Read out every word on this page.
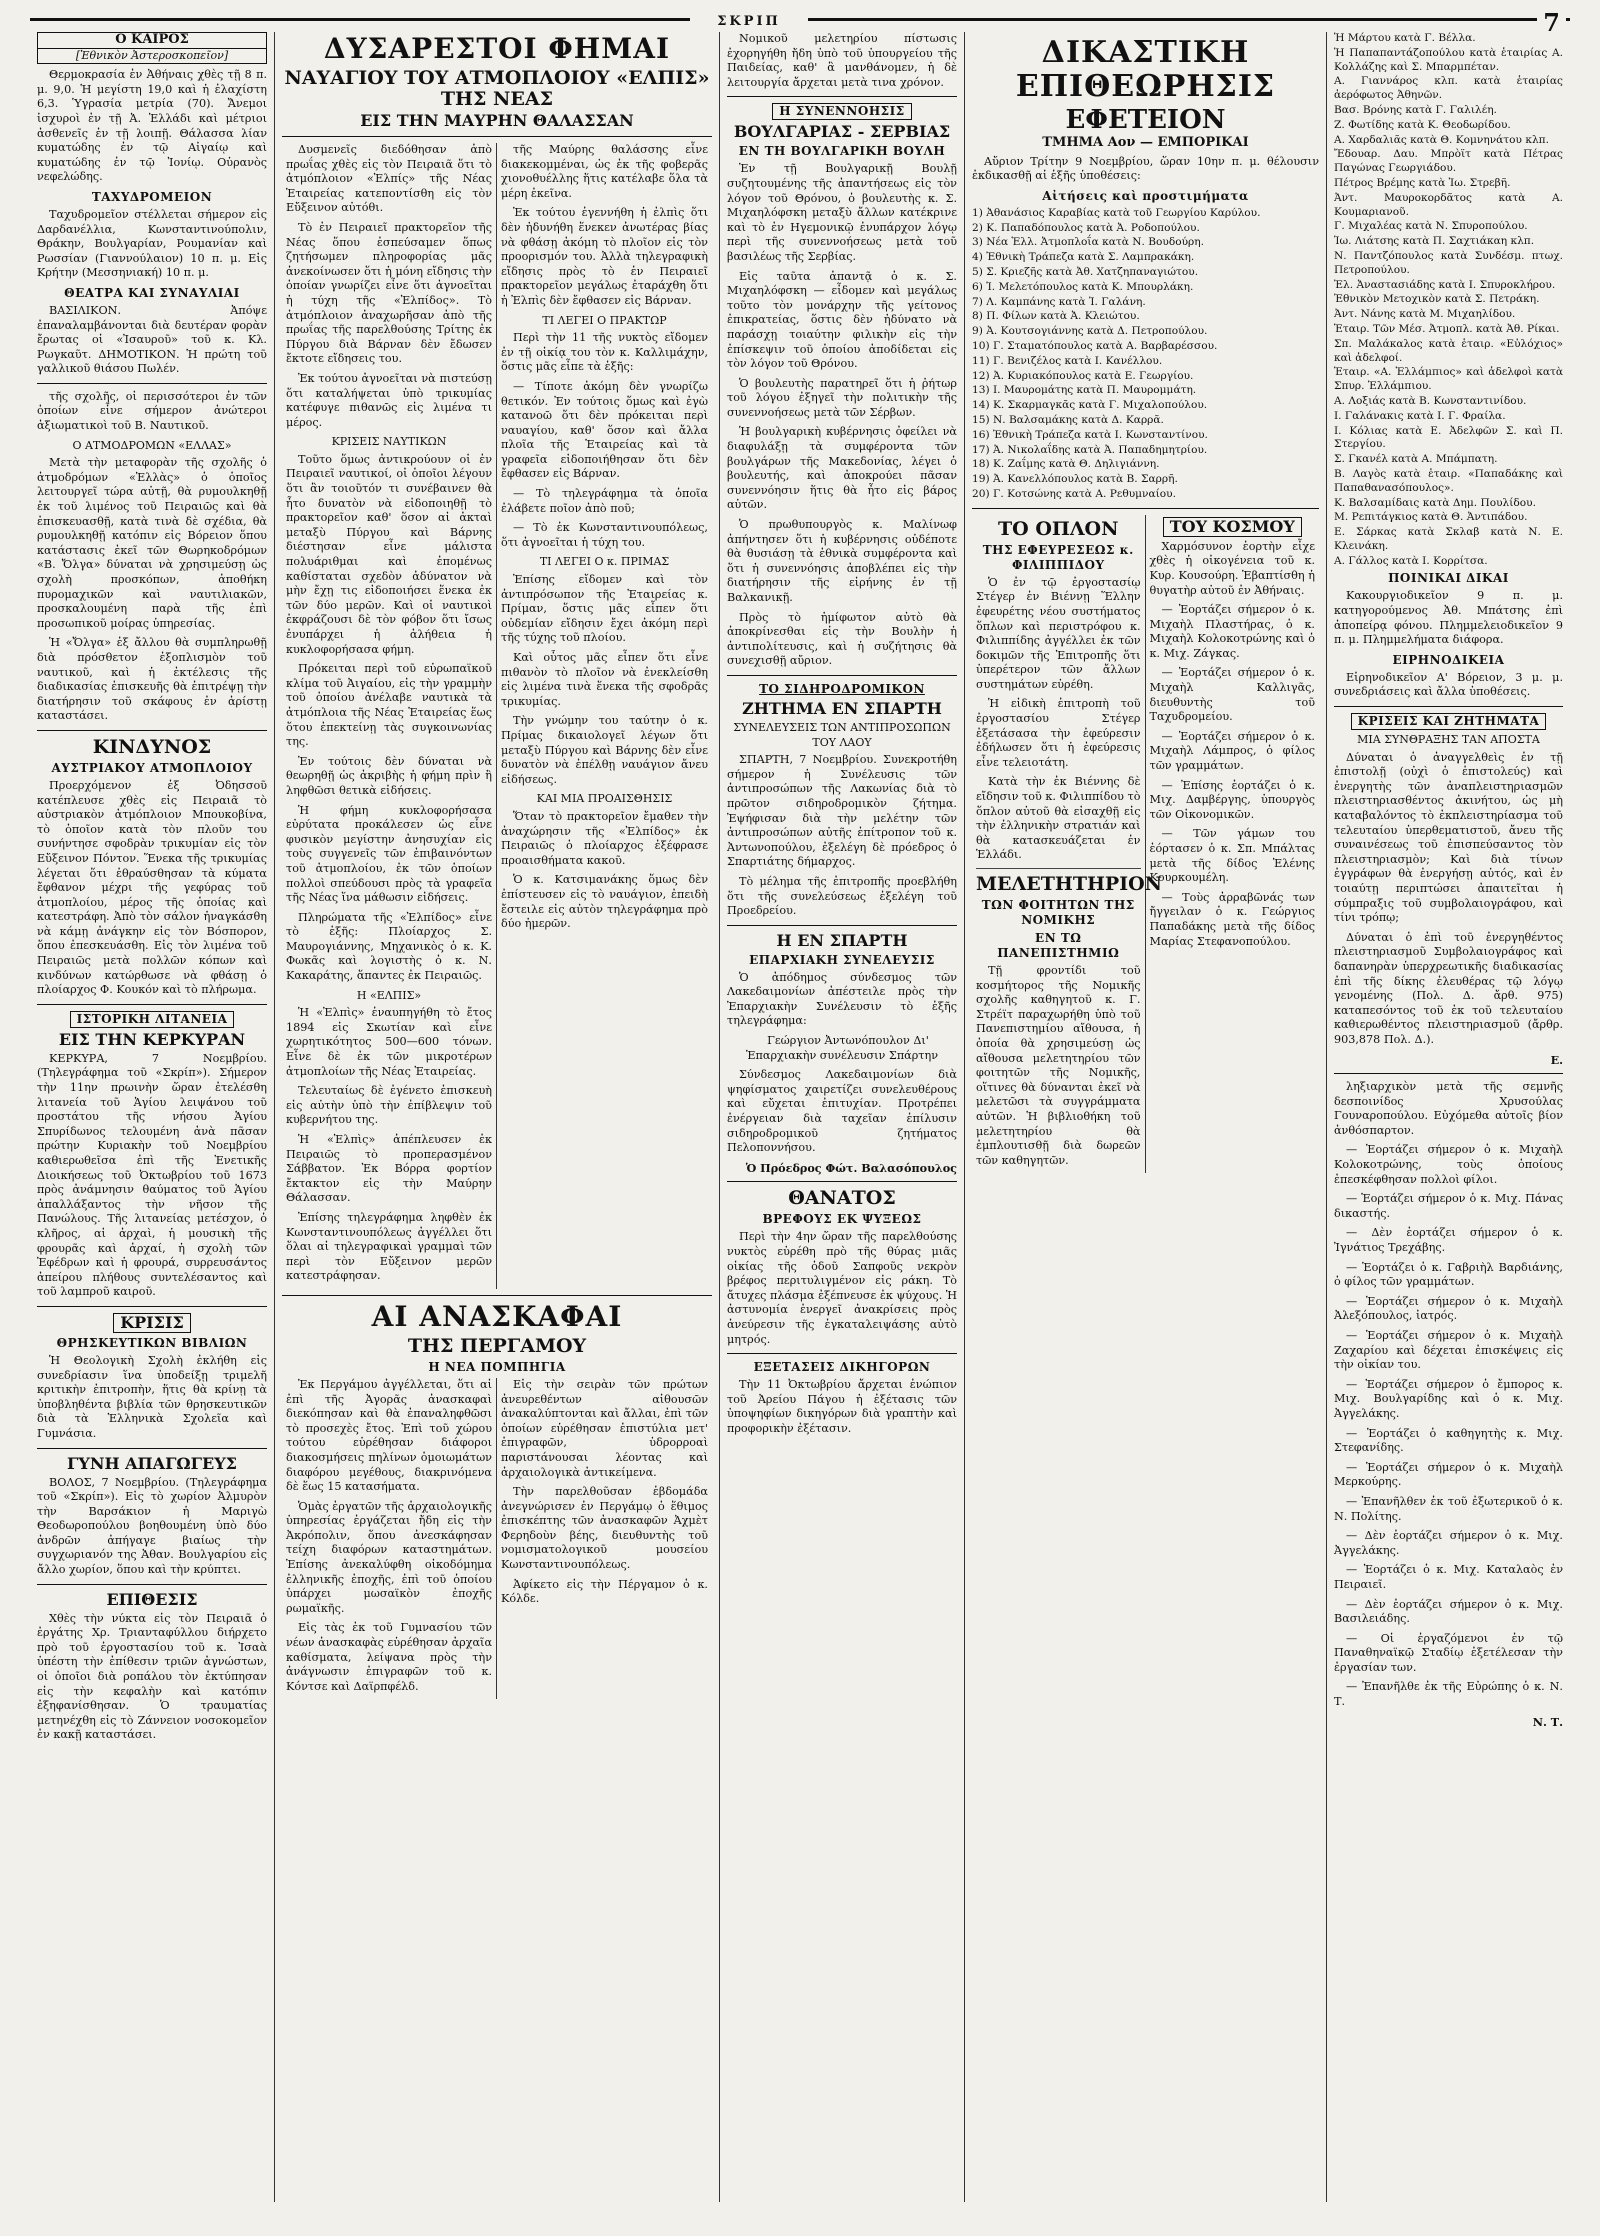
ΣΚΡΙΠ	7
Ο ΚΑΙΡΟΣ
[Ἐθνικὸν Ἀστεροσκοπεῖον]

Θερμοκρασία ἐν Ἀθήναις χθὲς τῇ 8 π. μ. 9,0. Ἡ μεγίστη 19,0 καὶ ἡ ἐλαχίστη 6,3. Ὑγρασία μετρία (70). Ἄνεμοι ἰσχυροὶ ἐν τῇ Ἀ. Ἑλλάδι καὶ μέτριοι ἀσθενεῖς ἐν τῇ λοιπῇ. Θάλασσα λίαν κυματώδης ἐν τῷ Αἰγαίῳ καὶ κυματώδης ἐν τῷ Ἰονίῳ. Οὐρανὸς νεφελώδης.

ΤΑΧΥΔΡΟΜΕΙΟΝ

Ταχυδρομεῖον στέλλεται σήμερον εἰς Δαρδανέλλια, Κωνσταντινούπολιν, Θράκην, Βουλγαρίαν, Ρουμανίαν καὶ Ρωσσίαν (Γιαννούλαιον) 10 π. μ. Εἰς Κρήτην (Μεσσηνιακή) 10 π. μ.

ΘΕΑΤΡΑ ΚΑΙ ΣΥΝΑΥΛΙΑΙ

ΒΑΣΙΛΙΚΟΝ. Ἀπόψε ἐπαναλαμβάνονται διὰ δευτέραν φορὰν ἔρωτας οἱ «Ἰσαυροῦ» τοῦ κ. Κλ. Ρωγκαῦτ. ΔΗΜΟΤΙΚΟΝ. Ἡ πρώτη τοῦ γαλλικοῦ θιάσου Πωλέν.

τῆς σχολῆς, οἱ περισσότεροι ἐν τῶν ὁποίων εἶνε σήμερον ἀνώτεροι ἀξιωματικοὶ τοῦ Β. Ναυτικοῦ.

Ο ΑΤΜΟΔΡΟΜΩΝ «ΕΛΛΑΣ»

Μετὰ τὴν μεταφορὰν τῆς σχολῆς ὁ ἀτμοδρόμων «Ἑλλὰς» ὁ ὁποῖος λειτουργεῖ τώρα αὐτῇ, θὰ ρυμουλκηθῇ ἐκ τοῦ λιμένος τοῦ Πειραιῶς καὶ θὰ ἐπισκευασθῇ, κατὰ τινὰ δὲ σχέδια, θὰ ρυμουλκηθῇ κατόπιν εἰς Βόρειον ὅπου κατάστασις ἐκεῖ τῶν Θωρηκοδρόμων «Β. Ὄλγα» δύναται νὰ χρησιμεύσῃ ὡς σχολὴ προσκόπων, ἀποθήκη πυρομαχικῶν καὶ ναυτιλιακῶν, προσκαλουμένη παρὰ τῆς ἐπὶ προσωπικοῦ μοίρας ὑπηρεσίας.

Ἡ «Ὄλγα» ἐξ ἄλλου θὰ συμπληρωθῇ διὰ πρόσθετον ἐξοπλισμὸν τοῦ ναυτικοῦ, καὶ ἡ ἐκτέλεσις τῆς διαδικασίας ἐπισκευῆς θὰ ἐπιτρέψῃ τὴν διατήρησιν τοῦ σκάφους ἐν ἀρίστῃ καταστάσει.

ΚΙΝΔΥΝΟΣ
ΑΥΣΤΡΙΑΚΟΥ ΑΤΜΟΠΛΟΙΟΥ

Προερχόμενον ἐξ Ὀδησσοῦ κατέπλευσε χθὲς εἰς Πειραιᾶ τὸ αὐστριακὸν ἀτμόπλοιον Μπουκοβίνα, τὸ ὁποῖον κατὰ τὸν πλοῦν του συνήντησε σφοδρὰν τρικυμίαν εἰς τὸν Εὔξεινον Πόντον. Ἕνεκα τῆς τρικυμίας λέγεται ὅτι ἐθραύσθησαν τὰ κύματα ἔφθανον μέχρι τῆς γεφύρας τοῦ ἀτμοπλοίου, μέρος τῆς ὁποίας καὶ κατεστράφη. Ἀπὸ τὸν σάλον ἠναγκάσθη νὰ κάμῃ ἀνάγκην εἰς τὸν Βόσπορον, ὅπου ἐπεσκευάσθη. Εἰς τὸν λιμένα τοῦ Πειραιῶς μετὰ πολλῶν κόπων καὶ κινδύνων κατώρθωσε νὰ φθάσῃ ὁ πλοίαρχος Φ. Κουκόν καὶ τὸ πλήρωμα.

ΙΣΤΟΡΙΚΗ ΛΙΤΑΝΕΙΑ
ΕΙΣ ΤΗΝ ΚΕΡΚΥΡΑΝ

ΚΕΡΚΥΡΑ, 7 Νοεμβρίου. (Τηλεγράφημα τοῦ «Σκρίπ»). Σήμερον τὴν 11ην πρωινὴν ὥραν ἐτελέσθη λιτανεία τοῦ Ἁγίου λειψάνου τοῦ προστάτου τῆς νήσου Ἁγίου Σπυρίδωνος τελουμένη ἀνὰ πᾶσαν πρώτην Κυριακὴν τοῦ Νοεμβρίου καθιερωθεῖσα ἐπὶ τῆς Ἑνετικῆς Διοικήσεως τοῦ Ὀκτωβρίου τοῦ 1673 πρὸς ἀνάμνησιν θαύματος τοῦ Ἁγίου ἀπαλλάξαντος τὴν νῆσον τῆς Πανώλους. Τῆς λιτανείας μετέσχον, ὁ κλῆρος, αἱ ἀρχαὶ, ἡ μουσικὴ τῆς φρουρᾶς καὶ ἀρχαί, ἡ σχολὴ τῶν Ἐφέδρων καὶ ἡ φρουρά, συρρευσάντος ἀπείρου πλήθους συντελέσαντος καὶ τοῦ λαμπροῦ καιροῦ.

ΚΡΙΣΙΣ
ΘΡΗΣΚΕΥΤΙΚΩΝ ΒΙΒΛΙΩΝ

Ἡ Θεολογικὴ Σχολὴ ἐκλήθη εἰς συνεδρίασιν ἵνα ὑποδείξῃ τριμελῆ κριτικὴν ἐπιτροπὴν, ἥτις θὰ κρίνῃ τὰ ὑποβληθέντα βιβλία τῶν θρησκευτικῶν διὰ τὰ Ἑλληνικὰ Σχολεῖα καὶ Γυμνάσια.

ΓΥΝΗ ΑΠΑΓΩΓΕΥΣ

ΒΟΛΟΣ, 7 Νοεμβρίου. (Τηλεγράφημα τοῦ «Σκρίπ»). Εἰς τὸ χωρίον Ἀλμυρὸν τὴν Βαρσάκιον ἡ Μαριγὼ Θεοδωροπούλου βοηθουμένη ὑπὸ δύο ἀνδρῶν ἀπήγαγε βιαίως τὴν συγχωριανόν της Ἀθαν. Βουλγαρίου εἰς ἄλλο χωρίον, ὅπου καὶ τὴν κρύπτει.

ΕΠΙΘΕΣΙΣ

Χθὲς τὴν νύκτα εἰς τὸν Πειραιᾶ ὁ ἐργάτης Χρ. Τριανταφύλλου διήρχετο πρὸ τοῦ ἐργοστασίου τοῦ κ. Ἰσαὰ ὑπέστη τὴν ἐπίθεσιν τριῶν ἀγνώστων, οἱ ὁποῖοι διὰ ροπάλου τὸν ἐκτύπησαν εἰς τὴν κεφαλὴν καὶ κατόπιν ἐξηφανίσθησαν. Ὁ τραυματίας μετηνέχθη εἰς τὸ Ζάννειον νοσοκομεῖον ἐν κακῇ καταστάσει.

ΔΥΣΑΡΕΣΤΟΙ ΦΗΜΑΙ
ΝΑΥΑΓΙΟΥ ΤΟΥ ΑΤΜΟΠΛΟΙΟΥ «ΕΛΠΙΣ» ΤΗΣ ΝΕΑΣ
ΕΙΣ ΤΗΝ ΜΑΥΡΗΝ ΘΑΛΑΣΣΑΝ

Δυσμενεῖς διεδόθησαν ἀπὸ πρωΐας χθὲς εἰς τὸν Πειραιᾶ ὅτι τὸ ἀτμόπλοιον «Ἐλπίς» τῆς Νέας Ἑταιρείας κατεποντίσθη εἰς τὸν Εὔξεινον αὐτόθι.

Τὸ ἐν Πειραιεῖ πρακτορεῖον τῆς Νέας ὅπου ἐσπεύσαμεν ὅπως ζητήσωμεν πληροφορίας μᾶς ἀνεκοίνωσεν ὅτι ἡ μόνη εἴδησις τὴν ὁποίαν γνωρίζει εἶνε ὅτι ἀγνοεῖται ἡ τύχη τῆς «Ἐλπίδος». Τὸ ἀτμόπλοιον ἀναχωρῆσαν ἀπὸ τῆς πρωΐας τῆς παρελθούσης Τρίτης ἐκ Πύργου διὰ Βάρναν δὲν ἔδωσεν ἔκτοτε εἴδησεις του.

Ἐκ τούτου ἀγνοεῖται νὰ πιστεύσῃ ὅτι καταλήψεται ὑπὸ τρικυμίας κατέφυγε πιθανῶς εἰς λιμένα τι μέρος.

ΚΡΙΣΕΙΣ ΝΑΥΤΙΚΩΝ

Τοῦτο ὅμως ἀντικρούουν οἱ ἐν Πειραιεῖ ναυτικοί, οἱ ὁποῖοι λέγουν ὅτι ἂν τοιοῦτόν τι συνέβαινεν θὰ ἦτο δυνατὸν νὰ εἰδοποιηθῇ τὸ πρακτορεῖον καθ' ὅσον αἱ ἀκταὶ μεταξὺ Πύργου καὶ Βάρνης διέστησαν εἶνε μάλιστα πολυάριθμαι καὶ ἐπομένως καθίσταται σχεδὸν ἀδύνατον νὰ μὴν ἔχῃ τις εἰδοποιήσει ἕνεκα ἐκ τῶν δύο μερῶν. Καὶ οἱ ναυτικοὶ ἐκφράζουσι δὲ τὸν φόβον ὅτι ἴσως ἐνυπάρχει ἡ ἀλήθεια ἡ κυκλοφορήσασα φήμη.

Πρόκειται περὶ τοῦ εὐρωπαϊκοῦ κλίμα τοῦ Ἀιγαίου, εἰς τὴν γραμμὴν τοῦ ὁποίου ἀνέλαβε ναυτικὰ τὰ ἀτμόπλοια τῆς Νέας Ἑταιρείας ἕως ὅτου ἐπεκτείνῃ τὰς συγκοινωνίας της.

Ἐν τούτοις δὲν δύναται νὰ θεωρηθῇ ὡς ἀκριβὴς ἡ φήμη πρὶν ἢ ληφθῶσι θετικὰ εἰδήσεις.

Ἡ φήμη κυκλοφορήσασα εὐρύτατα προκάλεσεν ὡς εἶνε φυσικὸν μεγίστην ἀνησυχίαν εἰς τοὺς συγγενεῖς τῶν ἐπιβαινόντων τοῦ ἀτμοπλοίου, ἐκ τῶν ὁποίων πολλοὶ σπεύδουσι πρὸς τὰ γραφεῖα τῆς Νέας ἵνα μάθωσιν εἰδήσεις.

Πληρώματα τῆς «Ἐλπίδος» εἶνε τὸ ἑξῆς: Πλοίαρχος Σ. Μαυρογιάννης, Μηχανικὸς ὁ κ. Κ. Φωκᾶς καὶ λογιστὴς ὁ κ. Ν. Κακαράτης, ἅπαντες ἐκ Πειραιῶς.

Η «ΕΛΠΙΣ»

Ἡ «Ἐλπὶς» ἐναυπηγήθη τὸ ἔτος 1894 εἰς Σκωτίαν καὶ εἶνε χωρητικότητος 500—600 τόνων. Εἶνε δὲ ἐκ τῶν μικροτέρων ἀτμοπλοίων τῆς Νέας Ἑταιρείας.

Τελευταίως δὲ ἐγένετο ἐπισκευὴ εἰς αὐτὴν ὑπὸ τὴν ἐπίβλεψιν τοῦ κυβερνήτου της.

Ἡ «Ἐλπὶς» ἀπέπλευσεν ἐκ Πειραιῶς τὸ προπερασμένον Σάββατον. Ἐκ Βόρρα φορτίον ἔκτακτον εἰς τὴν Μαύρην Θάλασσαν.

Ἐπίσης τηλεγράφημα ληφθὲν ἐκ Κωνσταντινουπόλεως ἀγγέλλει ὅτι ὅλαι αἱ τηλεγραφικαὶ γραμμαὶ τῶν περὶ τὸν Εὔξεινον μερῶν κατεστράφησαν.

τῆς Μαύρης θαλάσσης εἶνε διακεκομμέναι, ὡς ἐκ τῆς φοβερᾶς χιονοθυέλλης ἥτις κατέλαβε ὅλα τὰ μέρη ἐκεῖνα.

Ἐκ τούτου ἐγεννήθη ἡ ἐλπὶς ὅτι δὲν ἠδυνήθη ἕνεκεν ἀνωτέρας βίας νὰ φθάσῃ ἀκόμη τὸ πλοῖον εἰς τὸν προορισμόν του. Ἀλλὰ τηλεγραφικὴ εἴδησις πρὸς τὸ ἐν Πειραιεῖ πρακτορεῖον μεγάλως ἐταράχθη ὅτι ἡ Ἐλπὶς δὲν ἔφθασεν εἰς Βάρναν.

ΤΙ ΛΕΓΕΙ Ο ΠΡΑΚΤΩΡ

Περὶ τὴν 11 τῆς νυκτὸς εἴδομεν ἐν τῇ οἰκίᾳ του τὸν κ. Καλλιμάχην, ὅστις μᾶς εἶπε τὰ ἑξῆς:

— Τίποτε ἀκόμη δὲν γνωρίζω θετικόν. Ἐν τούτοις ὅμως καὶ ἐγὼ κατανοῶ ὅτι δὲν πρόκειται περὶ ναυαγίου, καθ' ὅσον καὶ ἄλλα πλοῖα τῆς Ἑταιρείας καὶ τὰ γραφεῖα εἰδοποιήθησαν ὅτι δὲν ἔφθασεν εἰς Βάρναν.

— Τὸ τηλεγράφημα τὰ ὁποῖα ἐλάβετε ποῖον ἀπὸ ποῦ;

— Τὸ ἐκ Κωνσταντινουπόλεως, ὅτι ἀγνοεῖται ἡ τύχη του.

ΤΙ ΛΕΓΕΙ Ο κ. ΠΡΙΜΑΣ

Ἐπίσης εἴδομεν καὶ τὸν ἀντιπρόσωπον τῆς Ἑταιρείας κ. Πρίμαν, ὅστις μᾶς εἶπεν ὅτι οὐδεμίαν εἴδησιν ἔχει ἀκόμη περὶ τῆς τύχης τοῦ πλοίου.

Καὶ οὗτος μᾶς εἶπεν ὅτι εἶνε πιθανὸν τὸ πλοῖον νὰ ἐνεκλείσθη εἰς λιμένα τινὰ ἕνεκα τῆς σφοδρᾶς τρικυμίας.

Τὴν γνώμην του ταύτην ὁ κ. Πρίμας δικαιολογεῖ λέγων ὅτι μεταξὺ Πύργου καὶ Βάρνης δὲν εἶνε δυνατὸν νὰ ἐπέλθῃ ναυάγιον ἄνευ εἰδήσεως.

ΚΑΙ ΜΙΑ ΠΡΟΑΙΣΘΗΣΙΣ

Ὅταν τὸ πρακτορεῖον ἔμαθεν τὴν ἀναχώρησιν τῆς «Ἐλπίδος» ἐκ Πειραιῶς ὁ πλοίαρχος ἐξέφρασε προαισθήματα κακοῦ.

Ὁ κ. Κατσιμανάκης ὅμως δὲν ἐπίστευσεν εἰς τὸ ναυάγιον, ἐπειδὴ ἔστειλε εἰς αὐτὸν τηλεγράφημα πρὸ δύο ἡμερῶν.

ΑΙ ΑΝΑΣΚΑΦΑΙ
ΤΗΣ ΠΕΡΓΑΜΟΥ
Η ΝΕΑ ΠΟΜΠΗΓΙΑ

Ἐκ Περγάμου ἀγγέλλεται, ὅτι αἱ ἐπὶ τῆς Ἀγορᾶς ἀνασκαφαὶ διεκόπησαν καὶ θὰ ἐπαναληφθῶσι τὸ προσεχὲς ἔτος. Ἐπὶ τοῦ χώρου τούτου εὑρέθησαν διάφοροι διακοσμήσεις πηλίνων ὁμοιωμάτων διαφόρου μεγέθους, διακρινόμενα δὲ ἕως 15 κατασήματα.

Ὁμὰς ἐργατῶν τῆς ἀρχαιολογικῆς ὑπηρεσίας ἐργάζεται ἤδη εἰς τὴν Ἀκρόπολιν, ὅπου ἀνεσκάφησαν τείχη διαφόρων καταστημάτων. Ἐπίσης ἀνεκαλύφθη οἰκοδόμημα ἑλληνικῆς ἐποχῆς, ἐπὶ τοῦ ὁποίου ὑπάρχει μωσαϊκὸν ἐποχῆς ρωμαϊκῆς.

Εἰς τὰς ἐκ τοῦ Γυμνασίου τῶν νέων ἀνασκαφὰς εὑρέθησαν ἀρχαῖα καθίσματα, λείψανα πρὸς τὴν ἀνάγνωσιν ἐπιγραφῶν τοῦ κ. Κόντσε καὶ Δαϊρπφέλδ.

Εἰς τὴν σειρὰν τῶν πρώτων ἀνευρεθέντων αἰθουσῶν ἀνακαλύπτονται καὶ ἄλλαι, ἐπὶ τῶν ὁποίων εὑρέθησαν ἐπιστύλια μετ' ἐπιγραφῶν, ὑδρορροαὶ παριστάνουσαι λέοντας καὶ ἀρχαιολογικὰ ἀντικείμενα.

Τὴν παρελθοῦσαν ἑβδομάδα ἀνεγνώρισεν ἐν Περγάμῳ ὁ ἕθιμος ἐπισκέπτης τῶν ἀνασκαφῶν Ἀχμὲτ Φερηδοὺν βέης, διευθυντὴς τοῦ νομισματολογικοῦ μουσείου Κωνσταντινουπόλεως.

Ἀφίκετο εἰς τὴν Πέργαμον ὁ κ. Κόλδε.

Νομικοῦ μελετηρίου πίστωσις ἐχορηγήθη ἤδη ὑπὸ τοῦ ὑπουργείου τῆς Παιδείας, καθ' ἃ μανθάνομεν, ἡ δὲ λειτουργία ἄρχεται μετὰ τινα χρόνον.

Η ΣΥΝΕΝΝΟΗΣΙΣ
ΒΟΥΛΓΑΡΙΑΣ - ΣΕΡΒΙΑΣ
ΕΝ ΤΗ ΒΟΥΛΓΑΡΙΚΗ ΒΟΥΛΗ

Ἐν τῇ Βουλγαρικῇ Βουλῇ συζητουμένης τῆς ἀπαντήσεως εἰς τὸν λόγον τοῦ Θρόνου, ὁ βουλευτὴς κ. Σ. Μιχαηλόφσκη μεταξὺ ἄλλων κατέκρινε καὶ τὸ ἐν Ηγεμονικῷ ἐνυπάρχον λόγῳ περὶ τῆς συνεννοήσεως μετὰ τοῦ βασιλέως τῆς Σερβίας.

Εἰς ταῦτα ἀπαντᾷ ὁ κ. Σ. Μιχαηλόφσκη — εἶδομεν καὶ μεγάλως τοῦτο τὸν μονάρχην τῆς γείτονος ἐπικρατείας, ὅστις δὲν ἠδύνατο νὰ παράσχῃ τοιαύτην φιλικὴν εἰς τὴν ἐπίσκεψιν τοῦ ὁποίου ἀποδίδεται εἰς τὸν λόγον τοῦ Θρόνου.

Ὁ βουλευτὴς παρατηρεῖ ὅτι ἡ ῥήτωρ τοῦ λόγου ἐξηγεῖ τὴν πολιτικὴν τῆς συνεννοήσεως μετὰ τῶν Σέρβων.

Ἡ βουλγαρικὴ κυβέρνησις ὀφείλει νὰ διαφυλάξῃ τὰ συμφέροντα τῶν βουλγάρων τῆς Μακεδονίας, λέγει ὁ βουλευτής, καὶ ἀποκρούει πᾶσαν συνεννόησιν ἥτις θὰ ἦτο εἰς βάρος αὐτῶν.

Ὁ πρωθυπουργὸς κ. Μαλίνωφ ἀπήντησεν ὅτι ἡ κυβέρνησις οὐδέποτε θὰ θυσιάσῃ τὰ ἐθνικὰ συμφέροντα καὶ ὅτι ἡ συνεννόησις ἀποβλέπει εἰς τὴν διατήρησιν τῆς εἰρήνης ἐν τῇ Βαλκανικῇ.

Πρὸς τὸ ἡμίφωτον αὐτὸ θὰ ἀποκρίνεσθαι εἰς τὴν Βουλὴν ἡ ἀντιπολίτευσις, καὶ ἡ συζήτησις θὰ συνεχισθῇ αὔριον.

ΤΟ ΣΙΔΗΡΟΔΡΟΜΙΚΟΝ
ΖΗΤΗΜΑ ΕΝ ΣΠΑΡΤΗ
ΣΥΝΕΛΕΥΣΕΙΣ ΤΩΝ ΑΝΤΙΠΡΟΣΩΠΩΝ ΤΟΥ ΛΑΟΥ

ΣΠΑΡΤΗ, 7 Νοεμβρίου. Συνεκροτήθη σήμερον ἡ Συνέλευσις τῶν ἀντιπροσώπων τῆς Λακωνίας διὰ τὸ πρῶτον σιδηροδρομικὸν ζήτημα. Ἐψήφισαν διὰ τὴν μελέτην τῶν ἀντιπροσώπων αὐτῆς ἐπίτροπον τοῦ κ. Ἀντωνοπούλου, ἐξελέγη δὲ πρόεδρος ὁ Σπαρτιάτης δήμαρχος.

Τὸ μέλημα τῆς ἐπιτροπῆς προεβλήθη ὅτι τῆς συνελεύσεως ἐξελέγη τοῦ Προεδρείου.

Η ΕΝ ΣΠΑΡΤΗ
ΕΠΑΡΧΙΑΚΗ ΣΥΝΕΛΕΥΣΙΣ

Ὁ ἀπόδημος σύνδεσμος τῶν Λακεδαιμονίων ἀπέστειλε πρὸς τὴν Ἐπαρχιακὴν Συνέλευσιν τὸ ἑξῆς τηλεγράφημα:

Γεώργιον Ἀντωνόπουλον Δι' Ἐπαρχιακὴν συνέλευσιν Σπάρτην

Σύνδεσμος Λακεδαιμονίων διὰ ψηφίσματος χαιρετίζει συνελευθέρους καὶ εὔχεται ἐπιτυχίαν. Προτρέπει ἐνέργειαν διὰ ταχεῖαν ἐπίλυσιν σιδηροδρομικοῦ ζητήματος Πελοποννήσου.

Ὁ Πρόεδρος Φώτ. Βαλασόπουλος
ΘΑΝΑΤΟΣ
ΒΡΕΦΟΥΣ ΕΚ ΨΥΞΕΩΣ

Περὶ τὴν 4ην ὥραν τῆς παρελθούσης νυκτὸς εὑρέθη πρὸ τῆς θύρας μιᾶς οἰκίας τῆς ὁδοῦ Σαπφοῦς νεκρὸν βρέφος περιτυλιγμένον εἰς ράκη. Τὸ ἄτυχες πλάσμα ἐξέπνευσε ἐκ ψύχους. Ἡ ἀστυνομία ἐνεργεῖ ἀνακρίσεις πρὸς ἀνεύρεσιν τῆς ἐγκαταλειψάσης αὐτὸ μητρός.

ΕΞΕΤΑΣΕΙΣ ΔΙΚΗΓΟΡΩΝ

Τὴν 11 Ὀκτωβρίου ἄρχεται ἐνώπιον τοῦ Ἀρείου Πάγου ἡ ἐξέτασις τῶν ὑποψηφίων δικηγόρων διὰ γραπτὴν καὶ προφορικὴν ἐξέτασιν.

ΔΙΚΑΣΤΙΚΗ ΕΠΙΘΕΩΡΗΣΙΣ
ΕΦΕΤΕΙΟΝ
ΤΜΗΜΑ Αον — ΕΜΠΟΡΙΚΑΙ

Αὔριον Τρίτην 9 Νοεμβρίου, ὥραν 10ην π. μ. θέλουσιν ἐκδικασθῇ αἱ ἑξῆς ὑποθέσεις:

Αἰτήσεις καὶ προστιμήματα
1) Ἀθανάσιος Καραβίας κατὰ τοῦ Γεωργίου Καρύλου.
2) Κ. Παπαδόπουλος κατὰ Ἀ. Ροδοπούλου.
3) Νέα Ἑλλ. Ἀτμοπλοΐα κατὰ Ν. Βουδούρη.
4) Ἐθνικὴ Τράπεζα κατὰ Σ. Λαμπρακάκη.
5) Σ. Κριεζῆς κατὰ Ἀθ. Χατζηπαναγιώτου.
6) Ἰ. Μελετόπουλος κατὰ Κ. Μπουρλάκη.
7) Λ. Καμπάνης κατὰ Ἰ. Γαλάνη.
8) Π. Φίλων κατὰ Ἀ. Κλειώτου.
9) Ἀ. Κουτσογιάννης κατὰ Δ. Πετροπούλου.
10) Γ. Σταματόπουλος κατὰ Α. Βαρβαρέσσου.
11) Γ. Βενιζέλος κατὰ Ι. Κανέλλου.
12) Ἀ. Κυριακόπουλος κατὰ Ε. Γεωργίου.
13) Ι. Μαυρομάτης κατὰ Π. Μαυρομμάτη.
14) Κ. Σκαρμαγκᾶς κατὰ Γ. Μιχαλοπούλου.
15) Ν. Βαλσαμάκης κατὰ Δ. Καρρᾶ.
16) Ἐθνικὴ Τράπεζα κατὰ Ι. Κωνσταντίνου.
17) Ἀ. Νικολαΐδης κατὰ Ἀ. Παπαδημητρίου.
18) Κ. Ζαΐμης κατὰ Θ. Δηλιγιάννη.
19) Ἀ. Κανελλόπουλος κατὰ Β. Σαρρῆ.
20) Γ. Κοτσώνης κατὰ Α. Ρεθυμναίου.
ΤΟ ΟΠΛΟΝ
ΤΗΣ ΕΦΕΥΡΕΣΕΩΣ κ. ΦΙΛΙΠΠΙΔΟΥ

Ὁ ἐν τῷ ἐργοστασίῳ Στέγερ ἐν Βιέννῃ Ἕλλην ἐφευρέτης νέου συστήματος ὅπλων καὶ περιστρόφου κ. Φιλιππίδης ἀγγέλλει ἐκ τῶν δοκιμῶν τῆς Ἐπιτροπῆς ὅτι ὑπερέτερον τῶν ἄλλων συστημάτων εὑρέθη.

Ἡ εἰδικὴ ἐπιτροπὴ τοῦ ἐργοστασίου Στέγερ ἐξετάσασα τὴν ἐφεύρεσιν ἐδήλωσεν ὅτι ἡ ἐφεύρεσις εἶνε τελειοτάτη.

Κατὰ τὴν ἐκ Βιέννης δὲ εἴδησιν τοῦ κ. Φιλιππίδου τὸ ὅπλον αὐτοῦ θὰ εἰσαχθῇ εἰς τὴν ἐλληνικὴν στρατιάν καὶ θὰ κατασκευάζεται ἐν Ἑλλάδι.

ΜΕΛΕΤΗΤΗΡΙΟΝ
ΤΩΝ ΦΟΙΤΗΤΩΝ ΤΗΣ ΝΟΜΙΚΗΣ
ΕΝ ΤΩ ΠΑΝΕΠΙΣΤΗΜΙΩ

Τῇ φροντίδι τοῦ κοσμήτορος τῆς Νομικῆς σχολῆς καθηγητοῦ κ. Γ. Στρέϊτ παραχωρήθη ὑπὸ τοῦ Πανεπιστημίου αἴθουσα, ἡ ὁποία θὰ χρησιμεύσῃ ὡς αἴθουσα μελετητηρίου τῶν φοιτητῶν τῆς Νομικῆς, οἵτινες θὰ δύνανται ἐκεῖ νὰ μελετῶσι τὰ συγγράμματα αὐτῶν. Ἡ βιβλιοθήκη τοῦ μελετητηρίου θὰ ἐμπλουτισθῇ διὰ δωρεῶν τῶν καθηγητῶν.

ΤΟΥ ΚΟΣΜΟΥ

Χαρμόσυνον ἑορτὴν εἶχε χθὲς ἡ οἰκογένεια τοῦ κ. Κυρ. Κουσούρη. Ἐβαπτίσθη ἡ θυγατὴρ αὐτοῦ ἐν Ἀθήναις.

— Ἑορτάζει σήμερον ὁ κ. Μιχαὴλ Πλαστήρας, ὁ κ. Μιχαὴλ Κολοκοτρώνης καὶ ὁ κ. Μιχ. Ζάγκας.

— Ἑορτάζει σήμερον ὁ κ. Μιχαὴλ Καλλιγᾶς, διευθυντὴς τοῦ Ταχυδρομείου.

— Ἑορτάζει σήμερον ὁ κ. Μιχαὴλ Λάμπρος, ὁ φίλος τῶν γραμμάτων.

— Ἐπίσης ἑορτάζει ὁ κ. Μιχ. Δαμβέργης, ὑπουργὸς τῶν Οἰκονομικῶν.

— Τῶν γάμων του ἑόρτασεν ὁ κ. Σπ. Μπάλτας μετὰ τῆς δίδος Ἑλένης Κουρκουμέλη.

— Τοὺς ἀρραβῶνάς των ἤγγειλαν ὁ κ. Γεώργιος Παπαδάκης μετὰ τῆς δίδος Μαρίας Στεφανοπούλου.

Ἡ Μάρτου κατὰ Γ. Βέλλα.
Ἡ Παπαπαντάζοπούλου κατὰ ἑταιρίας Α. Κολλάζης καὶ Σ. Μπαρμπέταν.
Α. Γιαννάρος κλπ. κατὰ ἑταιρίας ἀερόφωτος Ἀθηνῶν.
Βασ. Βρόνης κατὰ Γ. Γαλιλέη.
Ζ. Φωτίδης κατὰ Κ. Θεοδωρίδου.
Α. Χαρδαλιᾶς κατὰ Θ. Κομνηνάτου κλπ.
Ἔδουαρ. Δαυ. Μπρὸϊτ κατὰ Πέτρας Παγώνας Γεωργιάδου.
Πέτρος Βρέμης κατὰ Ἰω. Στρεβῆ.
Ἀντ. Μαυροκορδᾶτος κατὰ Α. Κουμαριανοῦ.
Γ. Μιχαλέας κατὰ Ν. Σπυροπούλου.
Ἰω. Λιάτσης κατὰ Π. Σαχτιάκαη κλπ.
Ν. Παντζόπουλος κατὰ Συνδέσμ. πτωχ. Πετροπούλου.
Ἐλ. Ἀναστασιάδης κατὰ Ι. Σπυροκλήρου.
Ἐθνικὸν Μετοχικὸν κατὰ Σ. Πετράκη.
Ἀντ. Νάνης κατὰ Μ. Μιχαηλίδου.
Ἑταιρ. Τῶν Μέσ. Ἀτμοπλ. κατὰ Ἀθ. Ρίκαι.
Σπ. Μαλάκαλος κατὰ ἑταιρ. «Εὐλόχιος» καὶ ἀδελφοί.
Ἑταιρ. «Α. Ἑλλάμπιος» καὶ ἀδελφοὶ κατὰ Σπυρ. Ἐλλάμπιου.
Α. Λοξιάς κατὰ Β. Κωνσταντινίδου.
Ι. Γαλάνακις κατὰ Ι. Γ. Φραίλα.
Ι. Κόλιας κατὰ Ε. Ἀδελφῶν Σ. καὶ Π. Στεργίου.
Σ. Γκανέλ κατὰ Α. Μπάμπατη.
Β. Λαγὸς κατὰ ἑταιρ. «Παπαδάκης καὶ Παπαθανασόπουλος».
Κ. Βαλσαμίδαις κατὰ Δημ. Πουλίδου.
Μ. Ρεπιτάγκιος κατὰ Θ. Ἀντιπάδου.
Ε. Σάρκας κατὰ Σκλαβ κατὰ Ν. Ε. Κλεινάκη.
Α. Γάλλος κατὰ Ι. Κορρίτσα.
ΠΟΙΝΙΚΑΙ ΔΙΚΑΙ

Κακουργιοδικεῖον 9 π. μ. κατηγορούμενος Ἀθ. Μπάτσης ἐπὶ ἀποπείρᾳ φόνου. Πλημμελειοδικεῖον 9 π. μ. Πλημμελήματα διάφορα.

ΕΙΡΗΝΟΔΙΚΕΙΑ

Εἰρηνοδικεῖον Α' Βόρειον, 3 μ. μ. συνεδριάσεις καὶ ἄλλα ὑποθέσεις.

ΚΡΙΣΕΙΣ ΚΑΙ ΖΗΤΗΜΑΤΑ
ΜΙΑ ΣΥΝΘΡΑΞΗΣ ΤΑΝ ΑΠΟΣΤΑ

Δύναται ὁ ἀναγγελθεὶς ἐν τῇ ἐπιστολῇ (οὐχὶ ὁ ἐπιστολεύς) καὶ ἐνεργητὴς τῶν ἀναπλειστηριασμῶν πλειστηριασθέντος ἀκινήτου, ὡς μὴ καταβαλόντος τὸ ἐκπλειστηρίασμα τοῦ τελευταίου ὑπερθεματιστοῦ, ἄνευ τῆς συναινέσεως τοῦ ἐπισπεύσαντος τὸν πλειστηριασμὸν; Καὶ διὰ τίνων ἐγγράφων θὰ ἐνεργήσῃ αὐτός, καὶ ἐν τοιαύτῃ περιπτώσει ἀπαιτεῖται ἡ σύμπραξις τοῦ συμβολαιογράφου, καὶ τίνι τρόπῳ;

Δύναται ὁ ἐπὶ τοῦ ἐνεργηθέντος πλειστηριασμοῦ Συμβολαιογράφος καὶ δαπανηρὰν ὑπερχρεωτικῆς διαδικασίας ἐπὶ τῆς δίκης ἐλευθέρας τῷ λόγῳ γενομένης (Πολ. Δ. ἄρθ. 975) καταπεσόντος τοῦ ἐκ τοῦ τελευταίου καθιερωθέντος πλειστηριασμοῦ (ἄρθρ. 903,878 Πολ. Δ.).

Ε.

ληξιαρχικὸν μετὰ τῆς σεμνῆς δεσποινίδος Χρυσούλας Γουναροπούλου. Εὐχόμεθα αὐτοῖς βίον ἀνθόσπαρτον.

— Ἑορτάζει σήμερον ὁ κ. Μιχαὴλ Κολοκοτρώνης, τοὺς ὁποίους ἐπεσκέφθησαν πολλοὶ φίλοι.

— Ἑορτάζει σήμερον ὁ κ. Μιχ. Πάνας δικαστής.

— Δὲν ἑορτάζει σήμερον ὁ κ. Ἰγνάτιος Τρεχάβης.

— Ἑορτάζει ὁ κ. Γαβριὴλ Βαρδιάνης, ὁ φίλος τῶν γραμμάτων.

— Ἑορτάζει σήμερον ὁ κ. Μιχαὴλ Ἀλεξόπουλος, ἰατρός.

— Ἑορτάζει σήμερον ὁ κ. Μιχαὴλ Ζαχαρίου καὶ δέχεται ἐπισκέψεις εἰς τὴν οἰκίαν του.

— Ἑορτάζει σήμερον ὁ ἔμπορος κ. Μιχ. Βουλγαρίδης καὶ ὁ κ. Μιχ. Ἀγγελάκης.

— Ἑορτάζει ὁ καθηγητὴς κ. Μιχ. Στεφανίδης.

— Ἑορτάζει σήμερον ὁ κ. Μιχαὴλ Μερκούρης.

— Ἐπανῆλθεν ἐκ τοῦ ἐξωτερικοῦ ὁ κ. Ν. Πολίτης.

— Δὲν ἑορτάζει σήμερον ὁ κ. Μιχ. Ἀγγελάκης.

— Ἑορτάζει ὁ κ. Μιχ. Καταλαὸς ἐν Πειραιεῖ.

— Δὲν ἑορτάζει σήμερον ὁ κ. Μιχ. Βασιλειάδης.

— Οἱ ἐργαζόμενοι ἐν τῷ Παναθηναϊκῷ Σταδίῳ ἐξετέλεσαν τὴν ἐργασίαν των.

— Ἐπανῆλθε ἐκ τῆς Εὐρώπης ὁ κ. Ν. Τ.

Ν. Τ.
